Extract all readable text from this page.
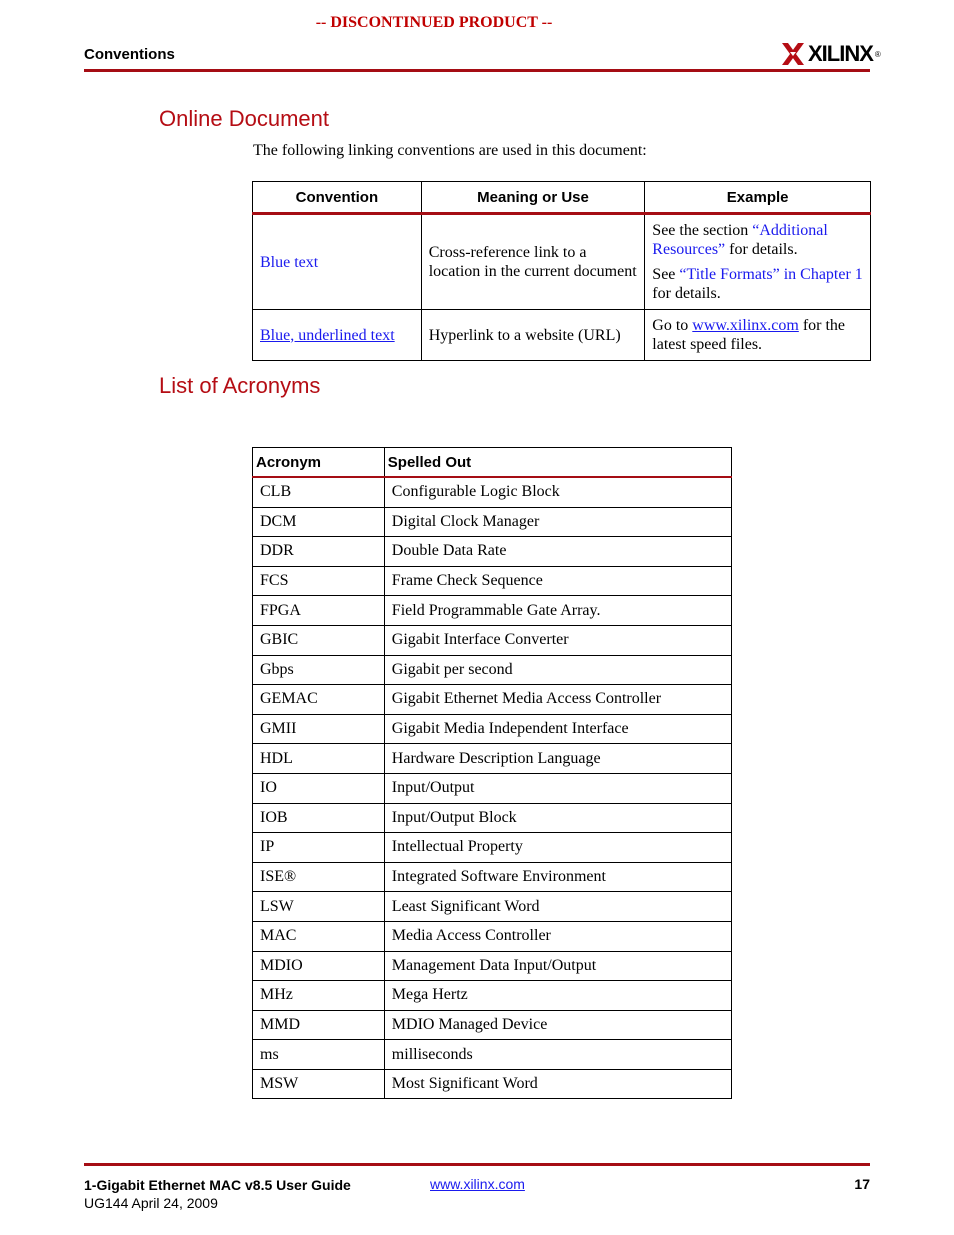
-- DISCONTINUED PRODUCT --
Conventions	XILINX ®
Online Document
The following linking conventions are used in this document:
Convention	Meaning or Use	Example
Blue text	Cross-reference link to a location in the current document	See the section “Additional Resources” for details.
See “Title Formats” in Chapter 1 for details.

Blue, underlined text	Hyperlink to a website (URL)	Go to www.xilinx.com for the latest speed files.
List of Acronyms
Acronym	Spelled Out
CLB	Configurable Logic Block
DCM	Digital Clock Manager
DDR	Double Data Rate
FCS	Frame Check Sequence
FPGA	Field Programmable Gate Array.
GBIC	Gigabit Interface Converter
Gbps	Gigabit per second
GEMAC	Gigabit Ethernet Media Access Controller
GMII	Gigabit Media Independent Interface
HDL	Hardware Description Language
IO	Input/Output
IOB	Input/Output Block
IP	Intellectual Property
ISE®	Integrated Software Environment
LSW	Least Significant Word
MAC	Media Access Controller
MDIO	Management Data Input/Output
MHz	Mega Hertz
MMD	MDIO Managed Device
ms	milliseconds
MSW	Most Significant Word
1-Gigabit Ethernet MAC v8.5 User Guide
UG144 April 24, 2009
www.xilinx.com	17
